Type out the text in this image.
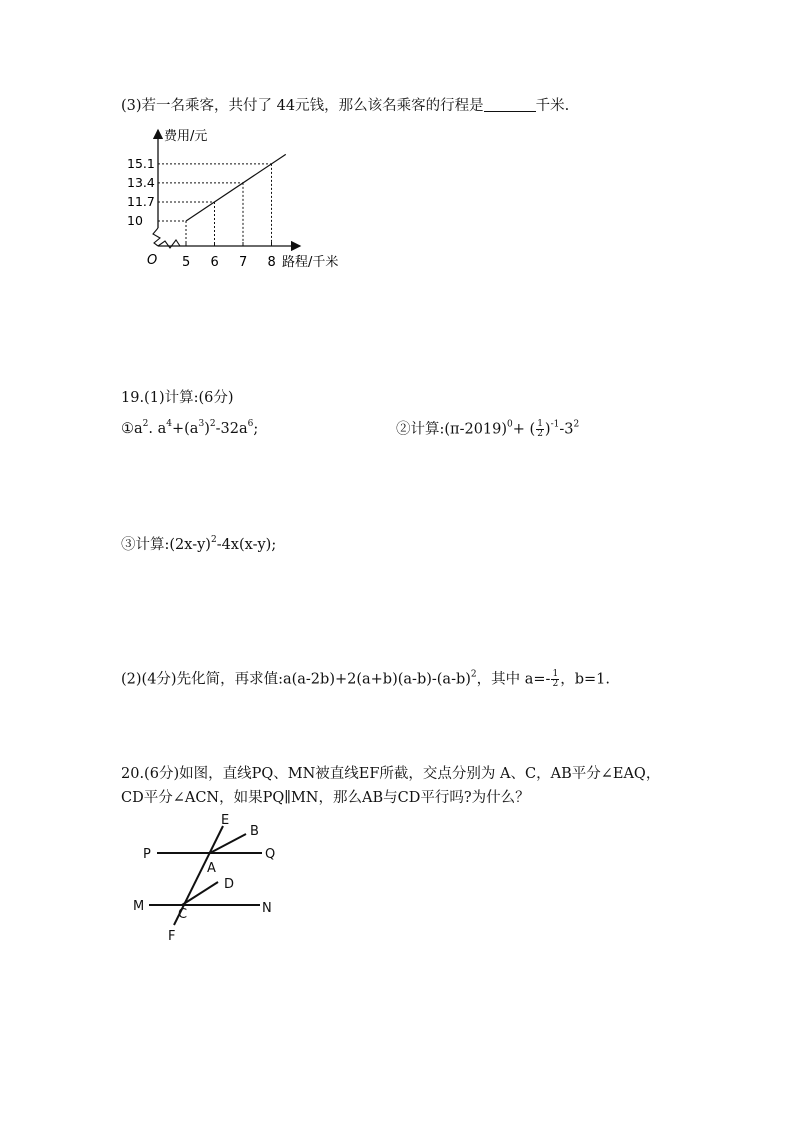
(3)若一名乘客，共付了 44元钱，那么该名乘客的行程是	千米.
5 6 7 8
10
11.7
13.4
15.1
费用/元
路程/千米
O
19.(1)计算:(6分)
$①a^2$. $a^4+(a^3)^2-32a^6$;	②计算$:(\pi-2019)^0+$ ( $\frac{1}{2} )^{-1}-3^2$
③计算$:(2x-y)^2-4x(x-y)$;
(2)(4分)先化简，再求值$:a(a-2b)+2(a+b)(a-b)-(a-b)^2$，其中 $a=- \frac{1}{2}$ ，b=1.
20.(6分)如图，直线PQ、MN被直线EF所截，交点分别为 A、C，AB平分∠EAQ，
CD平分∠ACN，如果PQ∥MN，那么AB与CD平行吗?为什么？
E
B
P	Q
A
D
M	N
C
F
